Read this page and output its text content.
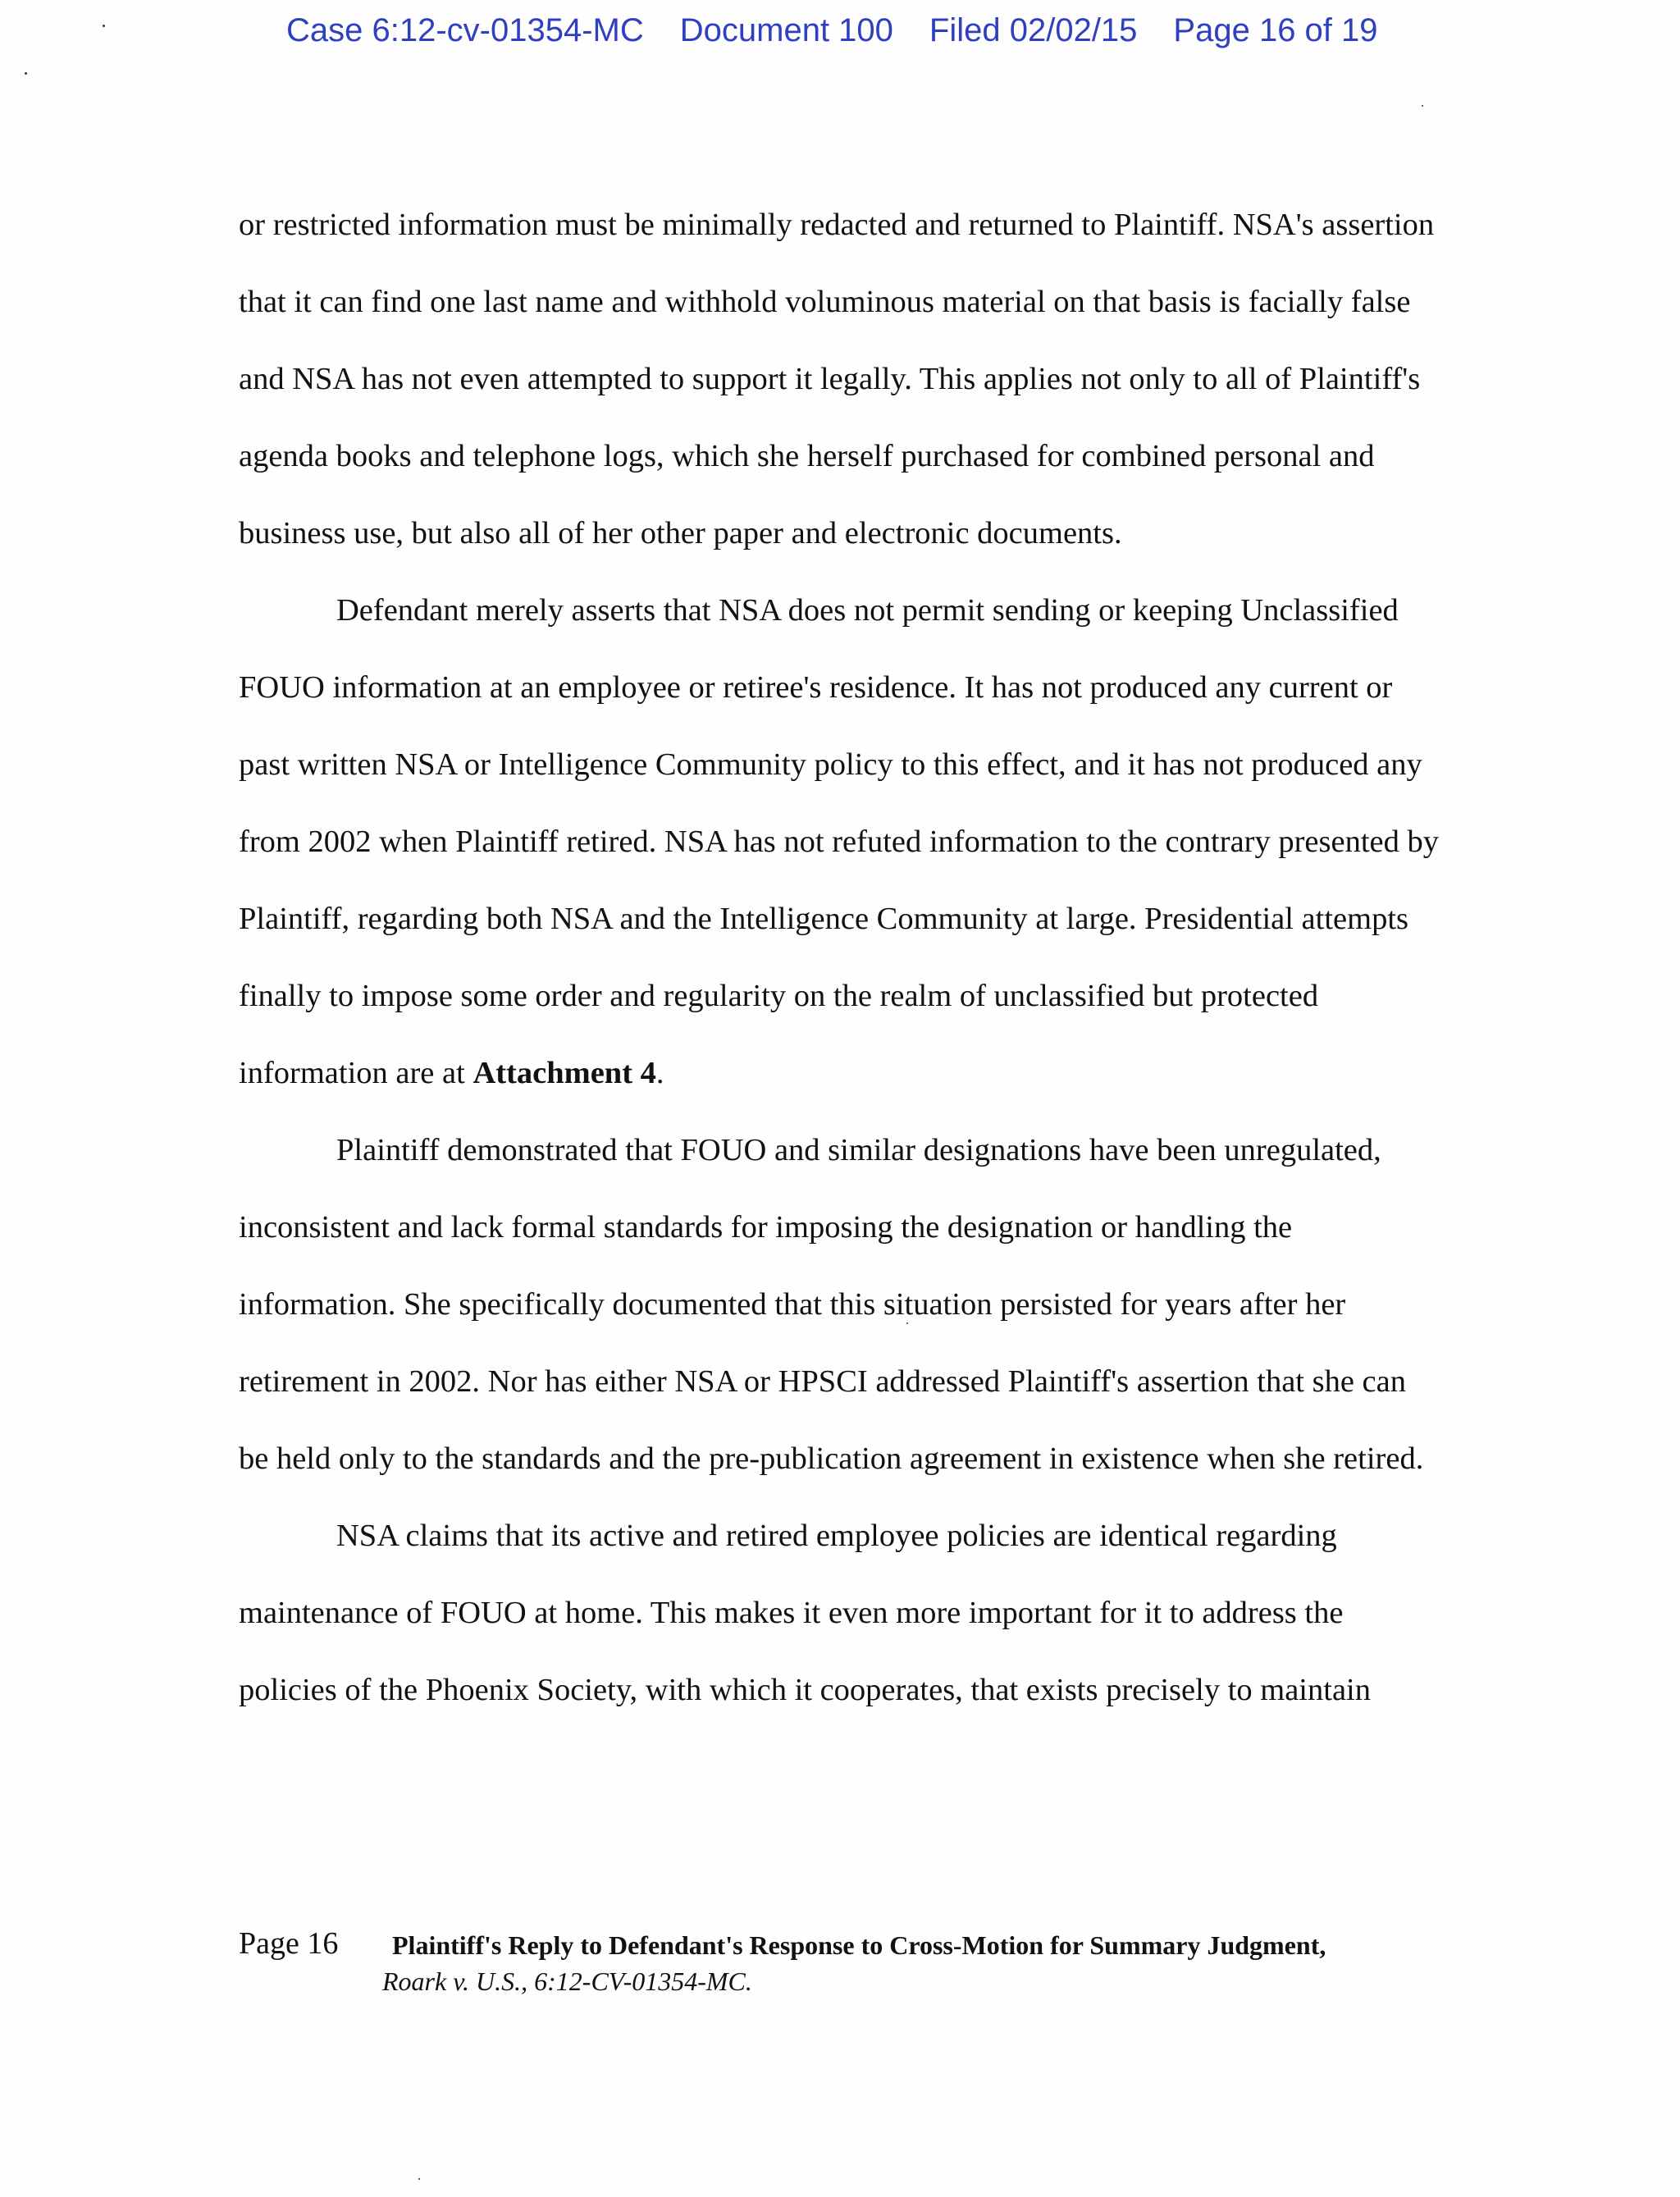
Case 6:12-cv-01354-MC Document 100 Filed 02/02/15 Page 16 of 19

or restricted information must be minimally redacted and returned to Plaintiff. NSA's assertion that it can find one last name and withhold voluminous material on that basis is facially false and NSA has not even attempted to support it legally. This applies not only to all of Plaintiff's agenda books and telephone logs, which she herself purchased for combined personal and business use, but also all of her other paper and electronic documents.

Defendant merely asserts that NSA does not permit sending or keeping Unclassified FOUO information at an employee or retiree's residence. It has not produced any current or past written NSA or Intelligence Community policy to this effect, and it has not produced any from 2002 when Plaintiff retired. NSA has not refuted information to the contrary presented by Plaintiff, regarding both NSA and the Intelligence Community at large. Presidential attempts finally to impose some order and regularity on the realm of unclassified but protected information are at Attachment 4.

Plaintiff demonstrated that FOUO and similar designations have been unregulated, inconsistent and lack formal standards for imposing the designation or handling the information. She specifically documented that this situation persisted for years after her retirement in 2002. Nor has either NSA or HPSCI addressed Plaintiff's assertion that she can be held only to the standards and the pre-publication agreement in existence when she retired.

NSA claims that its active and retired employee policies are identical regarding maintenance of FOUO at home. This makes it even more important for it to address the policies of the Phoenix Society, with which it cooperates, that exists precisely to maintain

Page 16 Plaintiff's Reply to Defendant's Response to Cross-Motion for Summary Judgment,
Roark v. U.S., 6:12-CV-01354-MC.
